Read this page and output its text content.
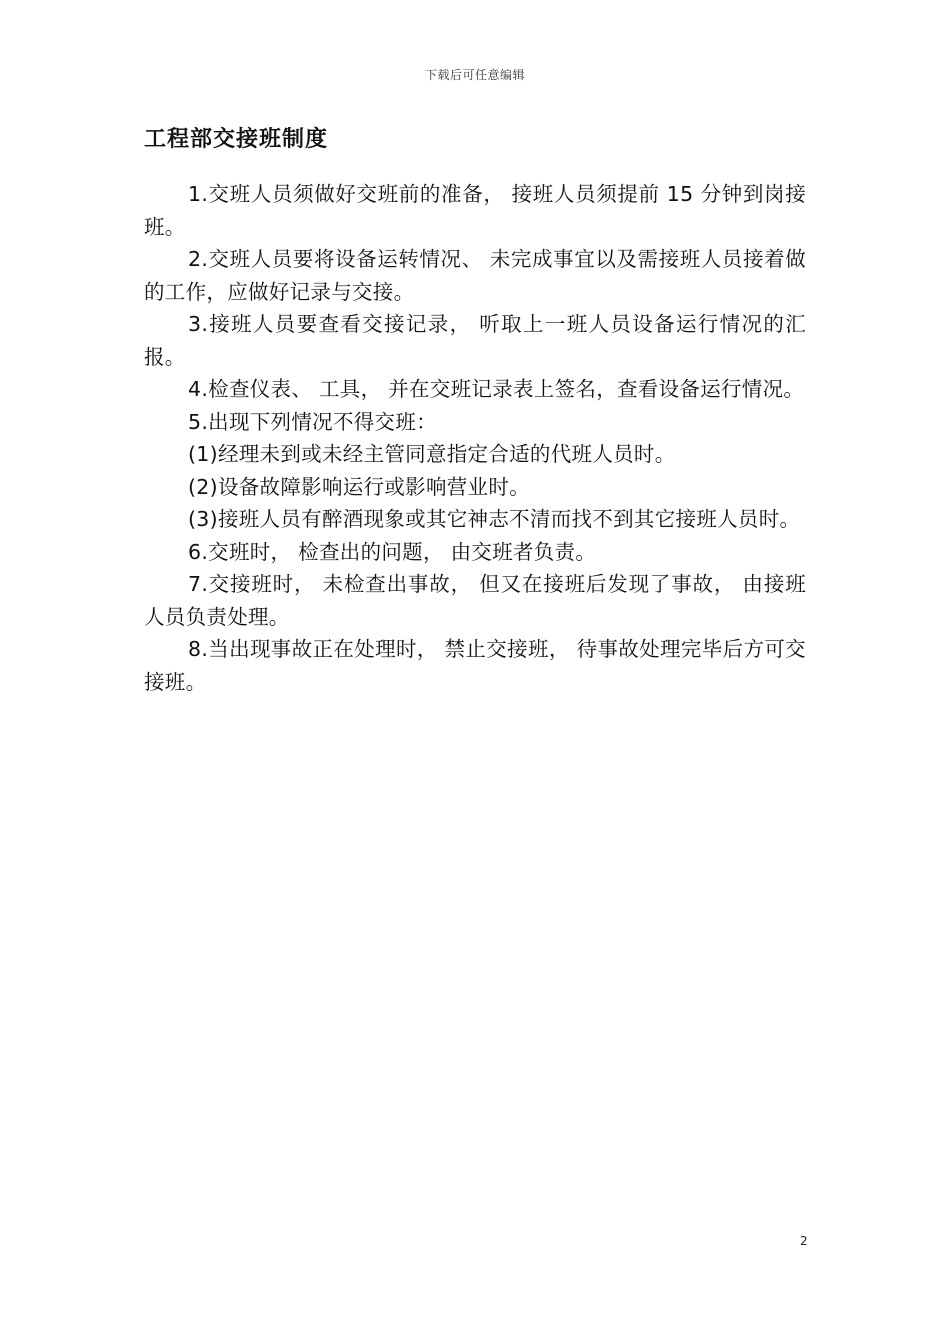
下载后可任意编辑
工程部交接班制度

1.交班人员须做好交班前的准备， 接班人员须提前 15 分钟到岗接班。

2.交班人员要将设备运转情况、 未完成事宜以及需接班人员接着做的工作，应做好记录与交接。

3.接班人员要查看交接记录， 听取上一班人员设备运行情况的汇报。

4.检查仪表、 工具， 并在交班记录表上签名，查看设备运行情况。

5.出现下列情况不得交班：

(1)经理未到或未经主管同意指定合适的代班人员时。

(2)设备故障影响运行或影响营业时。

(3)接班人员有醉酒现象或其它神志不清而找不到其它接班人员时。

6.交班时， 检查出的问题， 由交班者负责。

7.交接班时， 未检查出事故， 但又在接班后发现了事故， 由接班人员负责处理。

8.当出现事故正在处理时， 禁止交接班， 待事故处理完毕后方可交接班。

2
